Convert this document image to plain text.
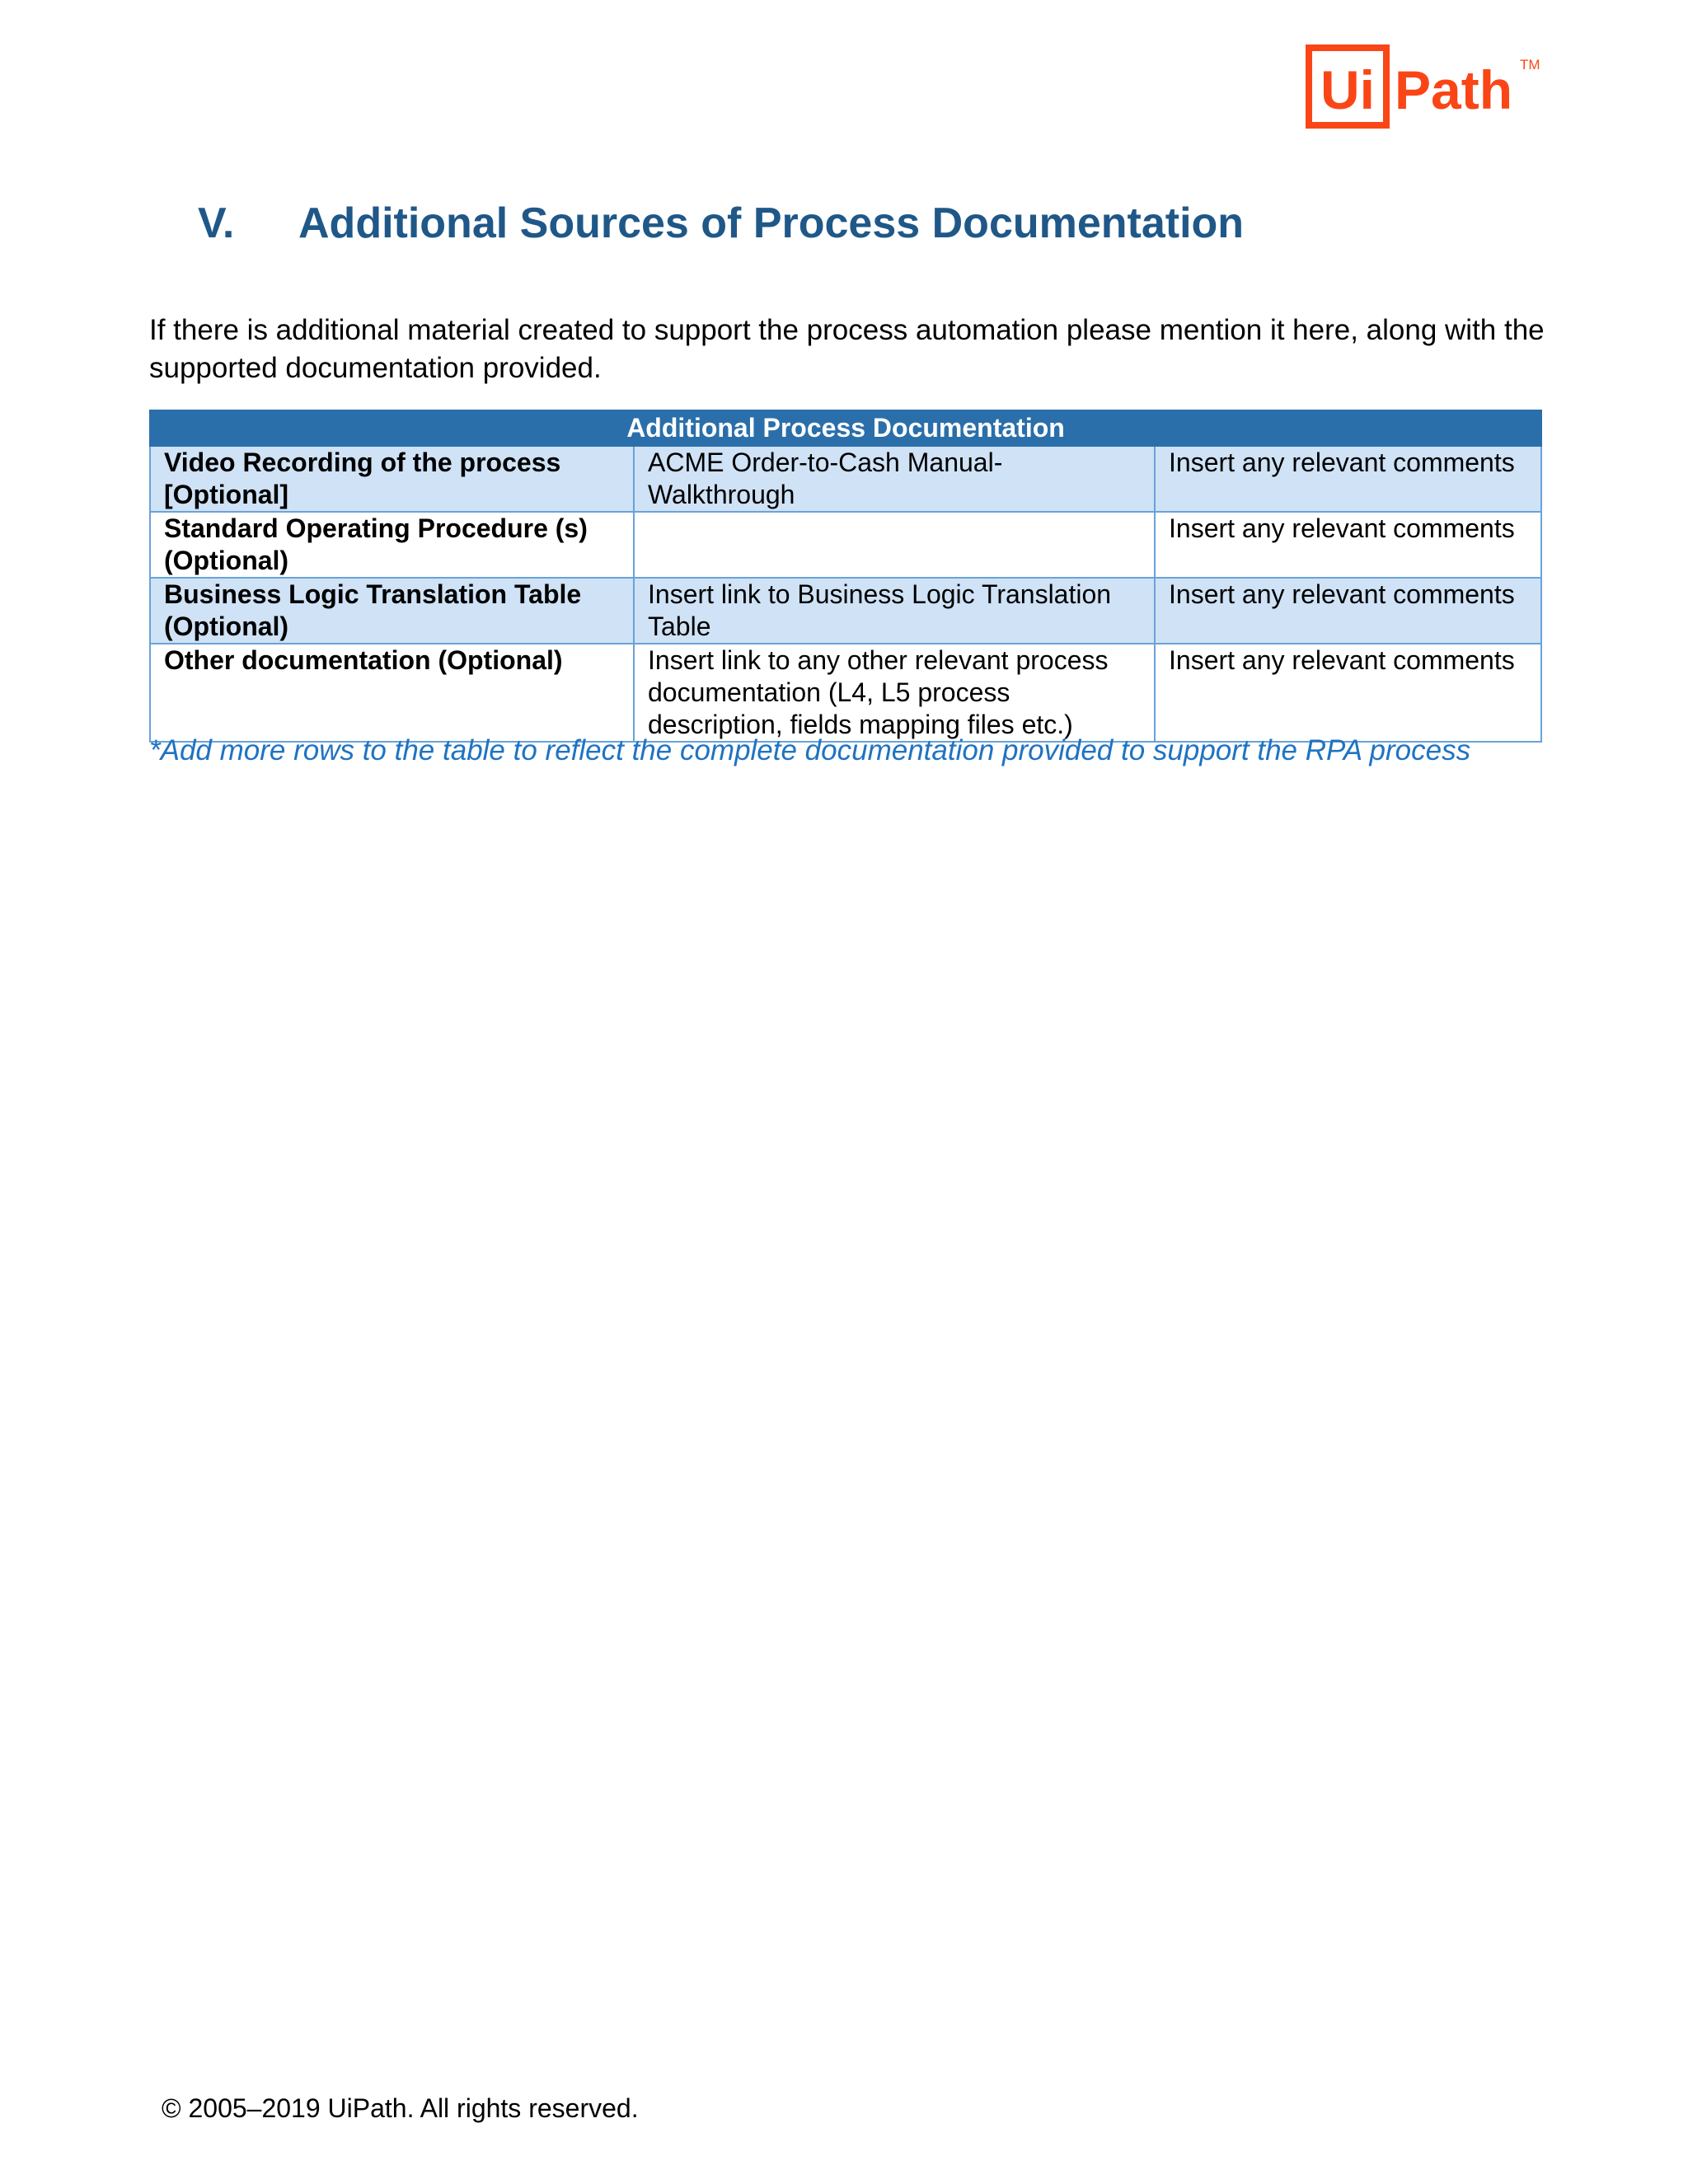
Ui Path TM
V. Additional Sources of Process Documentation

If there is additional material created to support the process automation please mention it here, along with the supported documentation provided.

Additional Process Documentation		
Video Recording of the process [Optional]	ACME Order-to-Cash Manual-Walkthrough	Insert any relevant comments
Standard Operating Procedure (s) (Optional)		Insert any relevant comments
Business Logic Translation Table (Optional)	Insert link to Business Logic Translation Table	Insert any relevant comments
Other documentation (Optional)	Insert link to any other relevant process documentation (L4, L5 process description, fields mapping files etc.)	Insert any relevant comments

*Add more rows to the table to reflect the complete documentation provided to support the RPA process

© 2005–2019 UiPath. All rights reserved.
